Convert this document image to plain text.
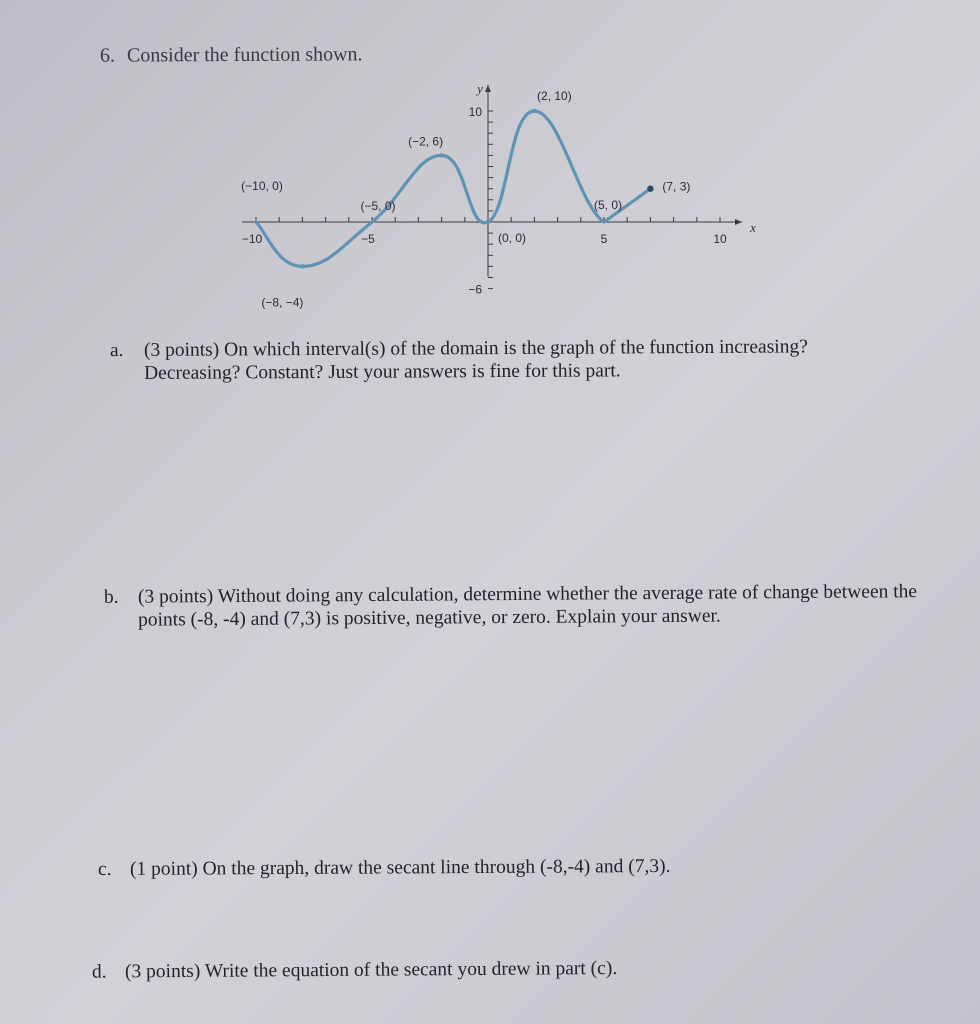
6. Consider the function shown.
−10	−5	5	10
10
−6
x
y
(−10, 0)
(−8, −4)
(−5, 0)
(−2, 6)
(0, 0)
(2, 10)
(5, 0)
(7, 3)
a.	(3 points) On which interval(s) of the domain is the graph of the function increasing? Decreasing? Constant? Just your answers is fine for this part.
b. (3 points) Without doing any calculation, determine whether the average rate of change between the points (-8, -4) and (7,3) is positive, negative, or zero. Explain your answer.
c. (1 point) On the graph, draw the secant line through (-8,-4) and (7,3).
d. (3 points) Write the equation of the secant you drew in part (c).
